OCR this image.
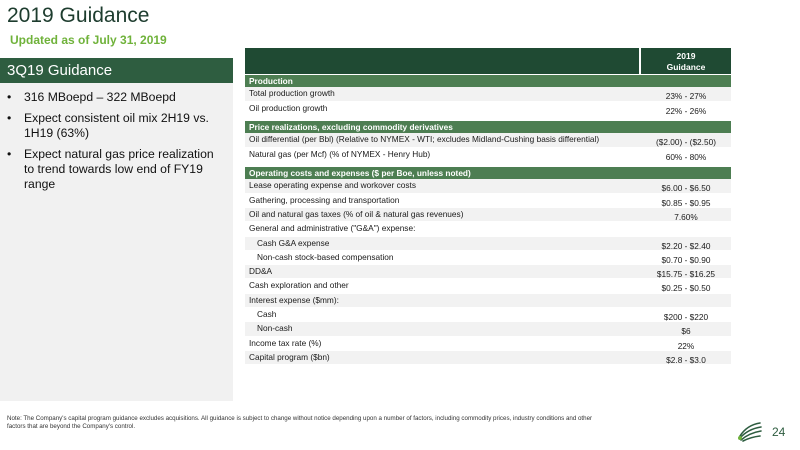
2019 Guidance
Updated as of July 31, 2019
3Q19 Guidance
• 316 MBoepd – 322 MBoepd
• Expect consistent oil mix 2H19 vs. 1H19 (63%)
• Expect natural gas price realization to trend towards low end of FY19 range
2019
Guidance
Production
Total production growth	23% - 27%
Oil production growth	22% - 26%
Price realizations, excluding commodity derivatives
Oil differential (per Bbl) (Relative to NYMEX - WTI; excludes Midland-Cushing basis differential)	($2.00) - ($2.50)
Natural gas (per Mcf) (% of NYMEX - Henry Hub)	60% - 80%
Operating costs and expenses ($ per Boe, unless noted)
Lease operating expense and workover costs	$6.00 - $6.50
Gathering, processing and transportation	$0.85 - $0.95
Oil and natural gas taxes (% of oil & natural gas revenues)	7.60%
General and administrative ("G&A") expense:
Cash G&A expense	$2.20 - $2.40
Non-cash stock-based compensation	$0.70 - $0.90
DD&A	$15.75 - $16.25
Cash exploration and other	$0.25 - $0.50
Interest expense ($mm):
Cash	$200 - $220
Non-cash	$6
Income tax rate (%)	22%
Capital program ($bn)	$2.8 - $3.0
Note: The Company's capital program guidance excludes acquisitions. All guidance is subject to change without notice depending upon a number of factors, including commodity prices, industry conditions and other factors that are beyond the Company's control.	24
